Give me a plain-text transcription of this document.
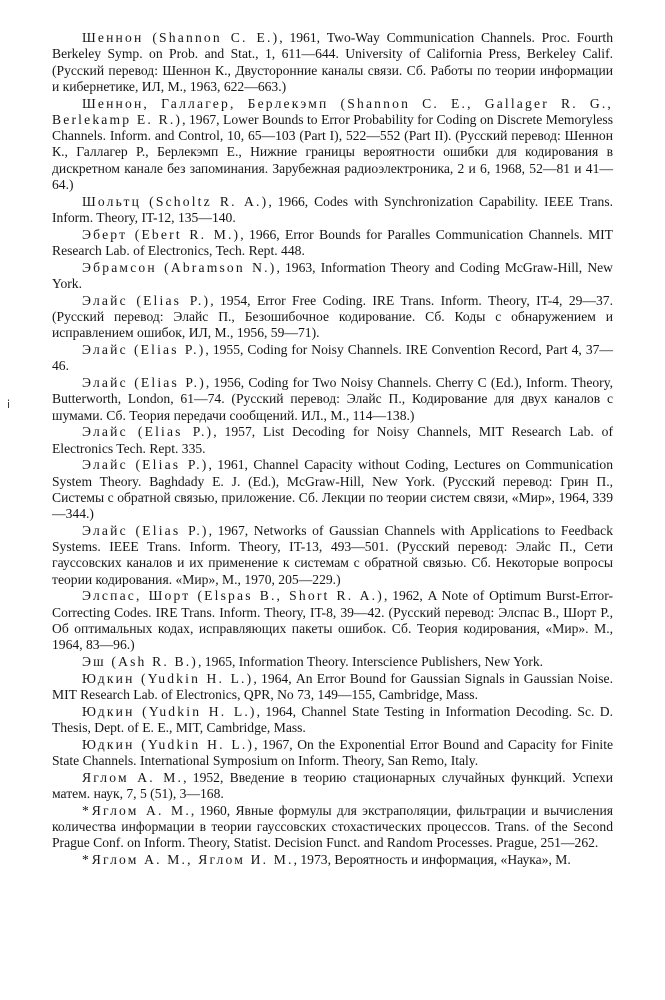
ⅰ

Шеннон (Shannon C. E.), 1961, Two-Way Communication Channels. Proc. Fourth Berkeley Symp. on Prob. and Stat., 1, 611—644. University of California Press, Berkeley Calif. (Русский перевод: Шеннон К., Двусторонние каналы связи. Сб. Работы по теории информации и кибернетике, ИЛ, М., 1963, 622—663.)

Шеннон, Галлагер, Берлекэмп (Shannon C. E., Gallager R. G., Berlekamp E. R.), 1967, Lower Bounds to Error Probability for Coding on Discrete Memoryless Channels. Inform. and Control, 10, 65—103 (Part I), 522—552 (Part II). (Русский перевод: Шеннон К., Галлагер Р., Берлекэмп Е., Нижние границы вероятности ошибки для кодирования в дискретном канале без запоминания. Зарубежная радиоэлектроника, 2 и 6, 1968, 52—81 и 41—64.)

Шольтц (Scholtz R. A.), 1966, Codes with Synchronization Capability. IEEE Trans. Inform. Theory, IT-12, 135—140.

Эберт (Ebert R. M.), 1966, Error Bounds for Paralles Communication Channels. MIT Research Lab. of Electronics, Tech. Rept. 448.

Эбрамсон (Abramson N.), 1963, Information Theory and Coding McGraw-Hill, New York.

Элайс (Elias P.), 1954, Error Free Coding. IRE Trans. Inform. Theory, IT-4, 29—37. (Русский перевод: Элайс П., Безошибочное кодирование. Сб. Коды с обнаружением и исправлением ошибок, ИЛ, М., 1956, 59—71).

Элайс (Elias P.), 1955, Coding for Noisy Channels. IRE Convention Record, Part 4, 37—46.

Элайс (Elias P.), 1956, Coding for Two Noisy Channels. Cherry C (Ed.), Inform. Theory, Butterworth, London, 61—74. (Русский перевод: Элайс П., Кодирование для двух каналов с шумами. Сб. Теория передачи сообщений. ИЛ., М., 114—138.)

Элайс (Elias P.), 1957, List Decoding for Noisy Channels, MIT Research Lab. of Electronics Tech. Rept. 335.

Элайс (Elias P.), 1961, Channel Capacity without Coding, Lectures on Communication System Theory. Baghdady E. J. (Ed.), McGraw-Hill, New York. (Русский перевод: Грин П., Системы с обратной связью, приложение. Сб. Лекции по теории систем связи, «Мир», 1964, 339—344.)

Элайс (Elias P.), 1967, Networks of Gaussian Channels with Applications to Feedback Systems. IEEE Trans. Inform. Theory, IT-13, 493—501. (Русский перевод: Элайс П., Сети гауссовских каналов и их применение к системам с обратной связью. Сб. Некоторые вопросы теории кодирования. «Мир», М., 1970, 205—229.)

Элспас, Шорт (Elspas B., Short R. A.), 1962, A Note of Optimum Burst-Error-Correcting Codes. IRE Trans. Inform. Theory, IT-8, 39—42. (Русский перевод: Элспас В., Шорт Р., Об оптимальных кодах, исправляющих пакеты ошибок. Сб. Теория кодирования, «Мир». М., 1964, 83—96.)

Эш (Ash R. B.), 1965, Information Theory. Interscience Publishers, New York.

Юдкин (Yudkin H. L.), 1964, An Error Bound for Gaussian Signals in Gaussian Noise. MIT Research Lab. of Electronics, QPR, No 73, 149—155, Cambridge, Mass.

Юдкин (Yudkin H. L.), 1964, Channel State Testing in Information Decoding. Sc. D. Thesis, Dept. of E. E., MIT, Cambridge, Mass.

Юдкин (Yudkin H. L.), 1967, On the Exponential Error Bound and Capacity for Finite State Channels. International Symposium on Inform. Theory, San Remo, Italy.

Яглом А. М., 1952, Введение в теорию стационарных случайных функций. Успехи матем. наук, 7, 5 (51), 3—168.

* Яглом А. М., 1960, Явные формулы для экстраполяции, фильтрации и вычисления количества информации в теории гауссовских стохастических процессов. Trans. of the Second Prague Conf. on Inform. Theory, Statist. Decision Funct. and Random Processes. Prague, 251—262.

* Яглом А. М., Яглом И. М., 1973, Вероятность и информация, «Наука», М.
